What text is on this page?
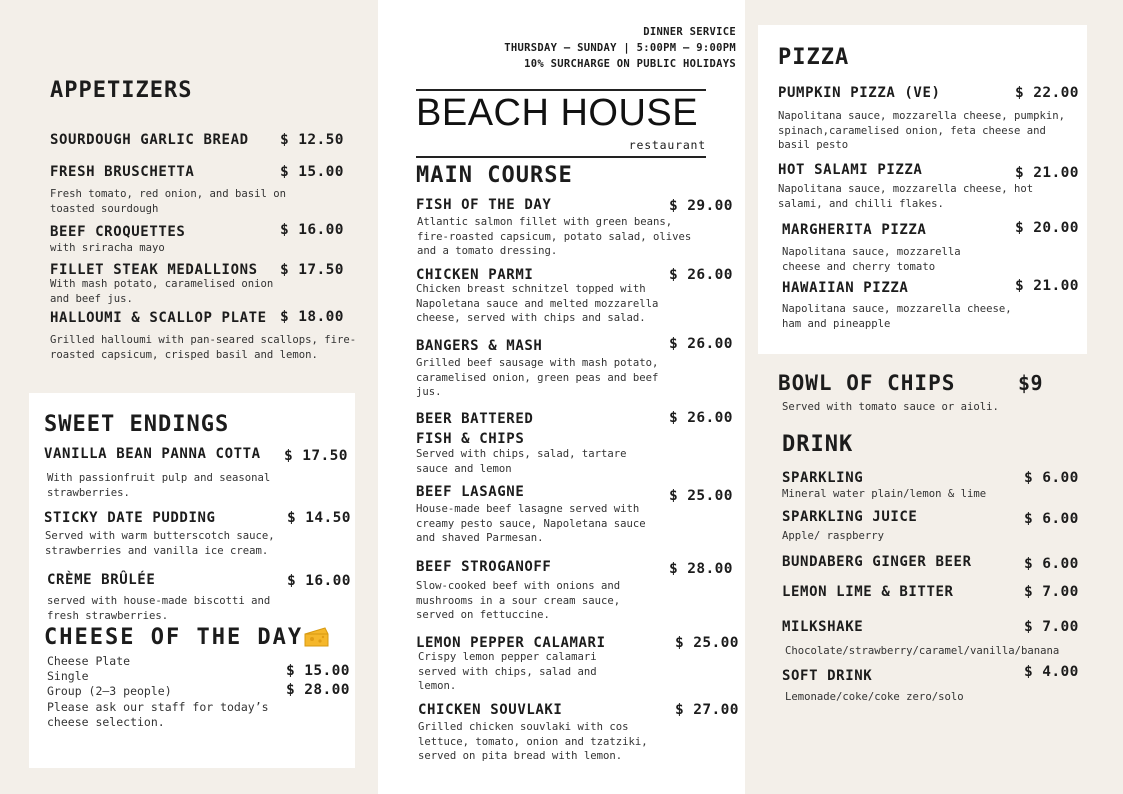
APPETIZERS
SOURDOUGH GARLIC BREAD $ 12.50
FRESH BRUSCHETTA	$ 15.00
Fresh tomato, red onion, and basil on toasted sourdough
BEEF CROQUETTES	$ 16.00
with sriracha mayo
FILLET STEAK MEDALLIONS $ 17.50
With mash potato, caramelised onion and beef jus.
HALLOUMI & SCALLOP PLATE $ 18.00
Grilled halloumi with pan-seared scallops, fire-roasted capsicum, crisped basil and lemon.
SWEET ENDINGS
VANILLA BEAN PANNA COTTA $ 17.50
With passionfruit pulp and seasonal strawberries.
STICKY DATE PUDDING	$ 14.50
Served with warm butterscotch sauce, strawberries and vanilla ice cream.
CRÈME BRÛLÉE	$ 16.00
served with house-made biscotti and fresh strawberries.
CHEESE OF THE DAY
Cheese Plate
Single	$ 15.00
Group (2–3 people)	$ 28.00
Please ask our staff for today’s cheese selection.
DINNER SERVICE
THURSDAY – SUNDAY | 5:00PM – 9:00PM
10% SURCHARGE ON PUBLIC HOLIDAYS
BEACH HOUSE
restaurant
MAIN COURSE
FISH OF THE DAY	$ 29.00
Atlantic salmon fillet with green beans, fire-roasted capsicum, potato salad, olives and a tomato dressing.
CHICKEN PARMI	$ 26.00
Chicken breast schnitzel topped with Napoletana sauce and melted mozzarella cheese, served with chips and salad.
BANGERS & MASH	$ 26.00
Grilled beef sausage with mash potato, caramelised onion, green peas and beef jus.
BEER BATTERED FISH & CHIPS
$ 26.00
Served with chips, salad, tartare sauce and lemon
BEEF LASAGNE	$ 25.00
House-made beef lasagne served with creamy pesto sauce, Napoletana sauce and shaved Parmesan.
BEEF STROGANOFF	$ 28.00
Slow-cooked beef with onions and mushrooms in a sour cream sauce, served on fettuccine.
LEMON PEPPER CALAMARI	$ 25.00
Crispy lemon pepper calamari served with chips, salad and lemon.
CHICKEN SOUVLAKI	$ 27.00
Grilled chicken souvlaki with cos lettuce, tomato, onion and tzatziki, served on pita bread with lemon.
PIZZA
PUMPKIN PIZZA (VE)	$ 22.00
Napolitana sauce, mozzarella cheese, pumpkin, spinach,caramelised onion, feta cheese and basil pesto
HOT SALAMI PIZZA	$ 21.00
Napolitana sauce, mozzarella cheese, hot salami, and chilli flakes.
MARGHERITA PIZZA	$ 20.00
Napolitana sauce, mozzarella cheese and cherry tomato
HAWAIIAN PIZZA	$ 21.00
Napolitana sauce, mozzarella cheese, ham and pineapple
BOWL OF CHIPS	$9
Served with tomato sauce or aioli.
DRINK
SPARKLING	$ 6.00
Mineral water plain/lemon & lime
SPARKLING JUICE	$ 6.00
Apple/ raspberry
BUNDABERG GINGER BEER	$ 6.00
LEMON LIME & BITTER	$ 7.00
MILKSHAKE	$ 7.00
Chocolate/strawberry/caramel/vanilla/banana
SOFT DRINK	$ 4.00
Lemonade/coke/coke zero/solo
